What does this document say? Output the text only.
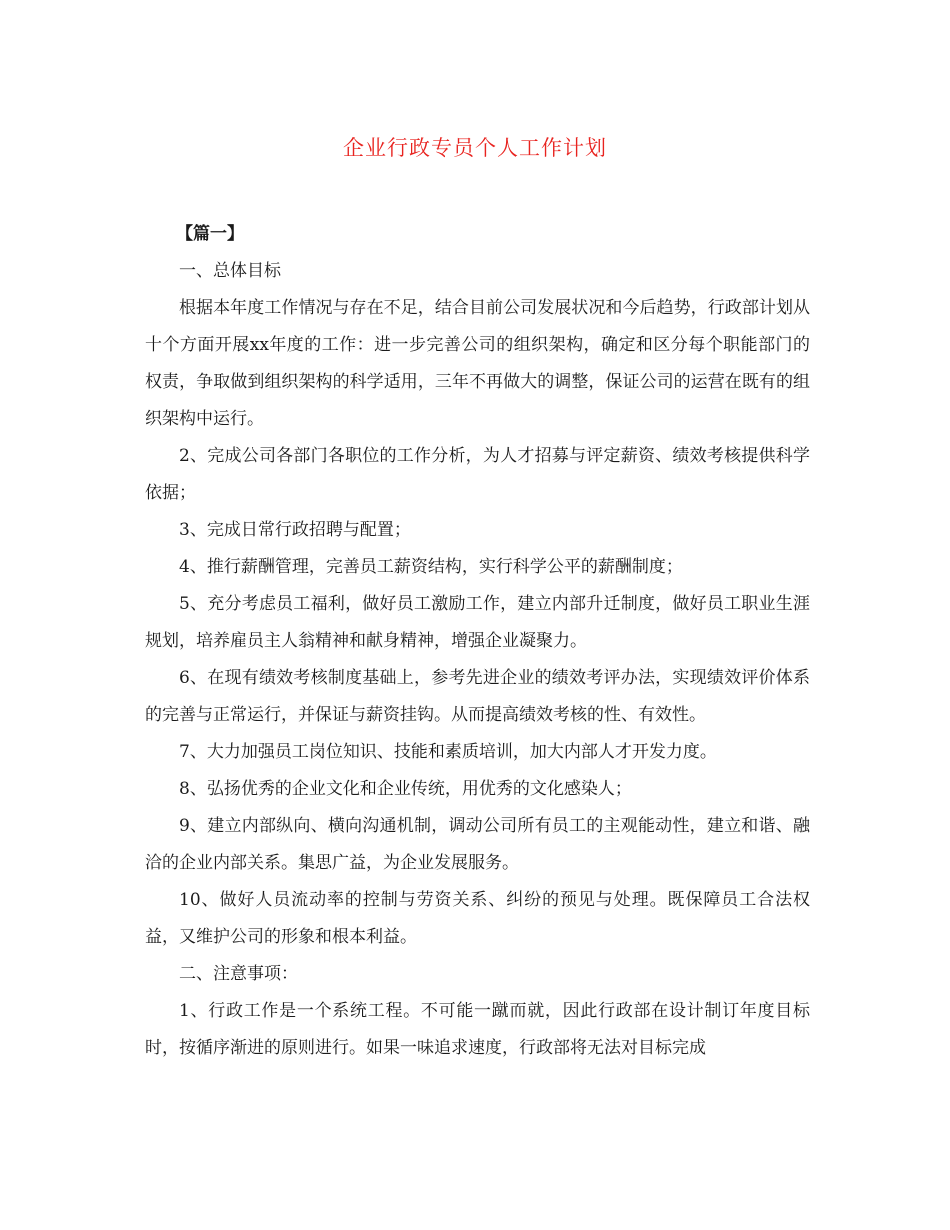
企业行政专员个人工作计划

【篇一】

一、总体目标

根据本年度工作情况与存在不足，结合目前公司发展状况和今后趋势，行政部计划从十个方面开展xx年度的工作：进一步完善公司的组织架构，确定和区分每个职能部门的权责，争取做到组织架构的科学适用，三年不再做大的调整，保证公司的运营在既有的组织架构中运行。

2、完成公司各部门各职位的工作分析，为人才招募与评定薪资、绩效考核提供科学依据；

3、完成日常行政招聘与配置；

4、推行薪酬管理，完善员工薪资结构，实行科学公平的薪酬制度；

5、充分考虑员工福利，做好员工激励工作，建立内部升迁制度，做好员工职业生涯规划，培养雇员主人翁精神和献身精神，增强企业凝聚力。

6、在现有绩效考核制度基础上，参考先进企业的绩效考评办法，实现绩效评价体系的完善与正常运行，并保证与薪资挂钩。从而提高绩效考核的性、有效性。

7、大力加强员工岗位知识、技能和素质培训，加大内部人才开发力度。

8、弘扬优秀的企业文化和企业传统，用优秀的文化感染人；

9、建立内部纵向、横向沟通机制，调动公司所有员工的主观能动性，建立和谐、融洽的企业内部关系。集思广益，为企业发展服务。

10、做好人员流动率的控制与劳资关系、纠纷的预见与处理。既保障员工合法权益，又维护公司的形象和根本利益。

二、注意事项：

1、行政工作是一个系统工程。不可能一蹴而就，因此行政部在设计制订年度目标时，按循序渐进的原则进行。如果一味追求速度，行政部将无法对目标完成
